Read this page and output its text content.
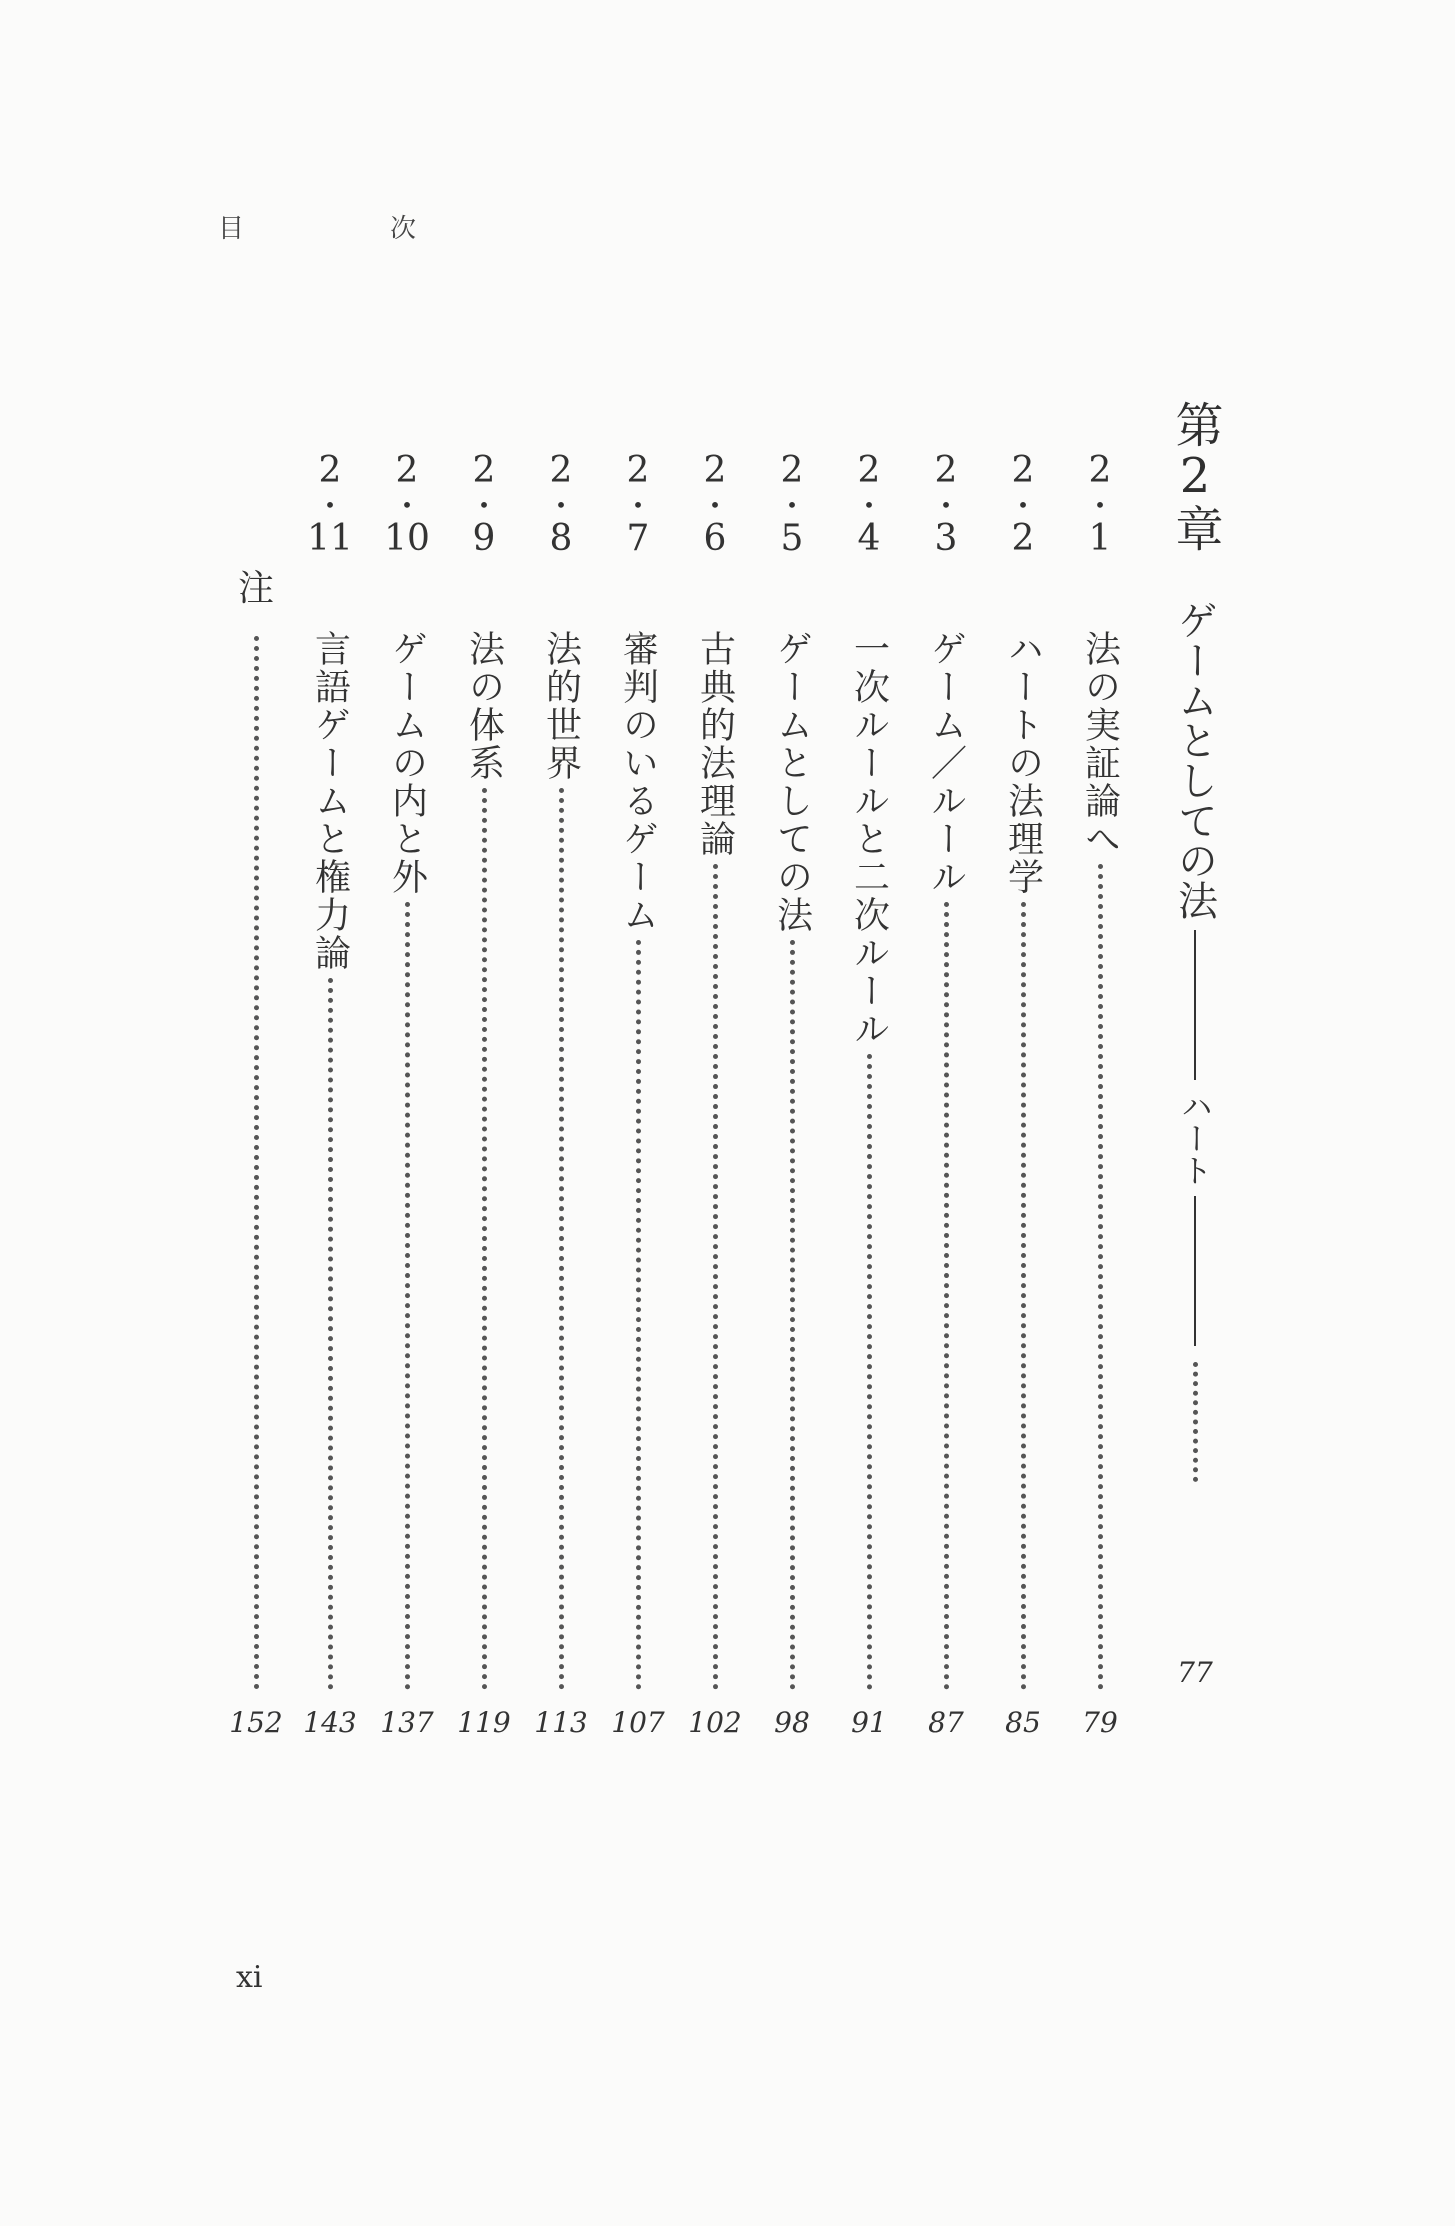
目　次
第2章
ゲームとしての法
ハート
77
2
•
1
法の実証論へ
79
2
•
2
ハートの法理学
85
2
•
3
ゲーム／ルール
87
2
•
4
一次ルールと二次ルール
91
2
•
5
ゲームとしての法
98
2
•
6
古典的法理論
102
2
•
7
審判のいるゲーム
107
2
•
8
法的世界
113
2
•
9
法の体系
119
2
•
10
ゲームの内と外
137
2
•
11
言語ゲームと権力論
143
注
152
xi
